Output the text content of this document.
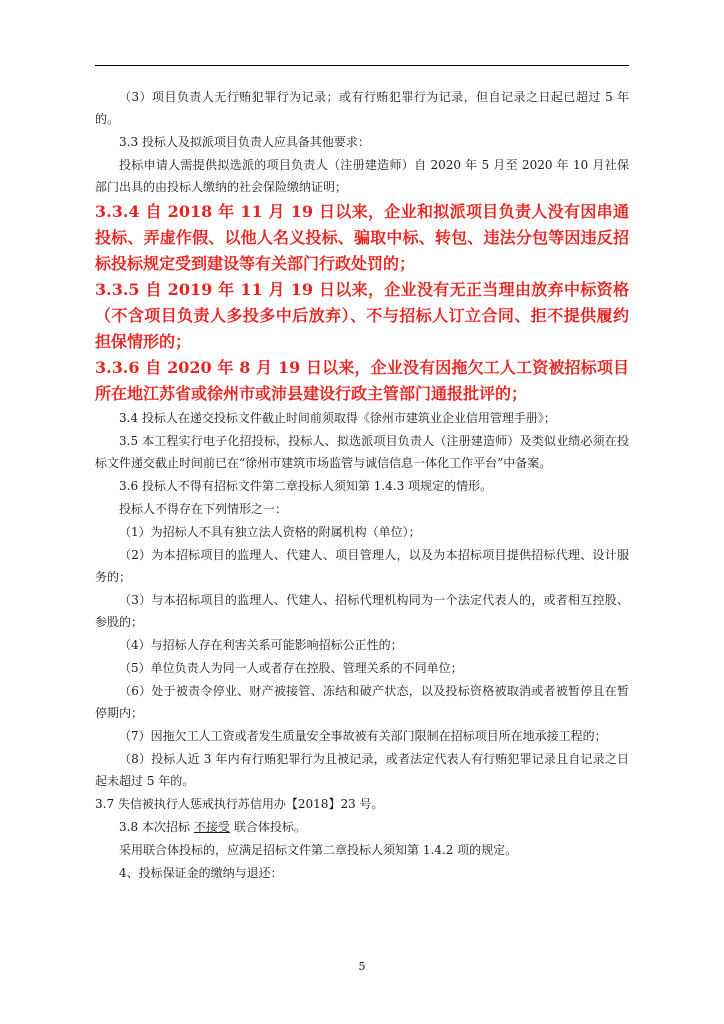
（3）项目负责人无行贿犯罪行为记录；或有行贿犯罪行为记录，但自记录之日起已超过 5 年的。

3.3 投标人及拟派项目负责人应具备其他要求：

投标申请人需提供拟选派的项目负责人（注册建造师）自 2020 年 5 月至 2020 年 10 月社保部门出具的由投标人缴纳的社会保险缴纳证明；

3.3.4 自 2018 年 11 月 19 日以来，企业和拟派项目负责人没有因串通投标、弄虚作假、以他人名义投标、骗取中标、转包、违法分包等因违反招标投标规定受到建设等有关部门行政处罚的；

3.3.5 自 2019 年 11 月 19 日以来，企业没有无正当理由放弃中标资格（不含项目负责人多投多中后放弃）、不与招标人订立合同、拒不提供履约担保情形的；

3.3.6 自 2020 年 8 月 19 日以来，企业没有因拖欠工人工资被招标项目所在地江苏省或徐州市或沛县建设行政主管部门通报批评的；

3.4 投标人在递交投标文件截止时间前须取得《徐州市建筑业企业信用管理手册》；

3.5 本工程实行电子化招投标，投标人、拟选派项目负责人（注册建造师）及类似业绩必须在投标文件递交截止时间前已在“徐州市建筑市场监管与诚信信息一体化工作平台”中备案。

3.6 投标人不得有招标文件第二章投标人须知第 1.4.3 项规定的情形。

投标人不得存在下列情形之一：

（1）为招标人不具有独立法人资格的附属机构（单位）；

（2）为本招标项目的监理人、代建人、项目管理人，以及为本招标项目提供招标代理、设计服务的；

（3）与本招标项目的监理人、代建人、招标代理机构同为一个法定代表人的，或者相互控股、参股的；

（4）与招标人存在利害关系可能影响招标公正性的；

（5）单位负责人为同一人或者存在控股、管理关系的不同单位；

（6）处于被责令停业、财产被接管、冻结和破产状态，以及投标资格被取消或者被暂停且在暂停期内；

（7）因拖欠工人工资或者发生质量安全事故被有关部门限制在招标项目所在地承接工程的；

（8）投标人近 3 年内有行贿犯罪行为且被记录，或者法定代表人有行贿犯罪记录且自记录之日起未超过 5 年的。

3.7 失信被执行人惩戒执行苏信用办【2018】23 号。

3.8 本次招标 不接受 联合体投标。

采用联合体投标的，应满足招标文件第二章投标人须知第 1.4.2 项的规定。

4、投标保证金的缴纳与退还：

5
